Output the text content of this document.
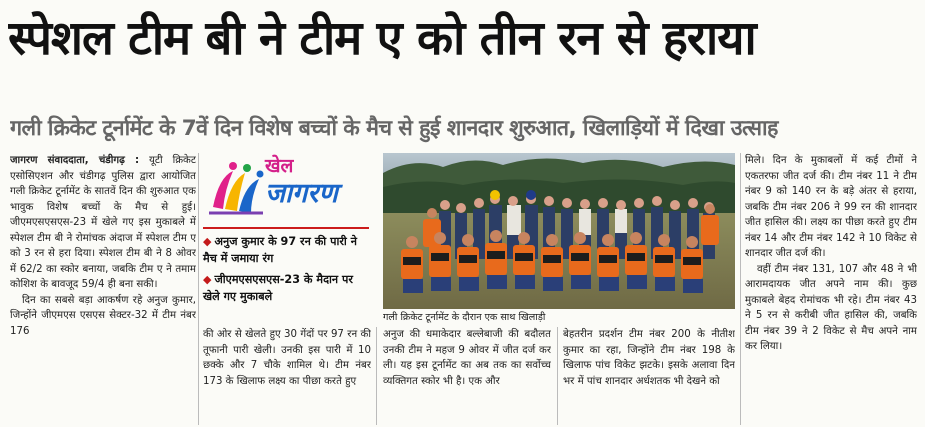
स्पेशल टीम बी ने टीम ए को तीन रन से हराया
गली क्रिकेट टूर्नामेंट के 7वें दिन विशेष बच्चों के मैच से हुई शानदार शुरुआत, खिलाड़ियों में दिखा उत्साह

जागरण संवाददाता, चंडीगढ़ : यूटी क्रिकेट एसोसिएशन और चंडीगढ़ पुलिस द्वारा आयोजित गली क्रिकेट टूर्नामेंट के सातवें दिन की शुरुआत एक भावुक विशेष बच्चों के मैच से हुई। जीएमएसएसएस-23 में खेले गए इस मुकाबले में स्पेशल टीम बी ने रोमांचक अंदाज में स्पेशल टीम ए को 3 रन से हरा दिया। स्पेशल टीम बी ने 8 ओवर में 62/2 का स्कोर बनाया, जबकि टीम ए ने तमाम कोशिश के बावजूद 59/4 ही बना सकी।

दिन का सबसे बड़ा आकर्षण रहे अनुज कुमार, जिन्होंने जीएमएस एसएस सेक्टर-32 में टीम नंबर 176

खेल
जागरण
◆ अनुज कुमार के 97 रन की पारी ने मैच में जमाया रंग
◆ जीएमएसएसएस-23 के मैदान पर खेले गए मुकाबले
गली क्रिकेट टूर्नामेंट के दौरान एक साथ खिलाड़ी

की ओर से खेलते हुए 30 गेंदों पर 97 रन की तूफानी पारी खेली। उनकी इस पारी में 10 छक्के और 7 चौके शामिल थे। टीम नंबर 173 के खिलाफ लक्ष्य का पीछा करते हुए

अनुज की धमाकेदार बल्लेबाजी की बदौलत उनकी टीम ने महज 9 ओवर में जीत दर्ज कर ली। यह इस टूर्नामेंट का अब तक का सर्वोच्च व्यक्तिगत स्कोर भी है। एक और

बेहतरीन प्रदर्शन टीम नंबर 200 के नीतीश कुमार का रहा, जिन्होंने टीम नंबर 198 के खिलाफ पांच विकेट झटके। इसके अलावा दिन भर में पांच शानदार अर्धशतक भी देखने को

मिले। दिन के मुकाबलों में कई टीमों ने एकतरफा जीत दर्ज की। टीम नंबर 11 ने टीम नंबर 9 को 140 रन के बड़े अंतर से हराया, जबकि टीम नंबर 206 ने 99 रन की शानदार जीत हासिल की। लक्ष्य का पीछा करते हुए टीम नंबर 14 और टीम नंबर 142 ने 10 विकेट से शानदार जीत दर्ज की।

वहीं टीम नंबर 131, 107 और 48 ने भी आरामदायक जीत अपने नाम की। कुछ मुकाबले बेहद रोमांचक भी रहे। टीम नंबर 43 ने 5 रन से करीबी जीत हासिल की, जबकि टीम नंबर 39 ने 2 विकेट से मैच अपने नाम कर लिया।
